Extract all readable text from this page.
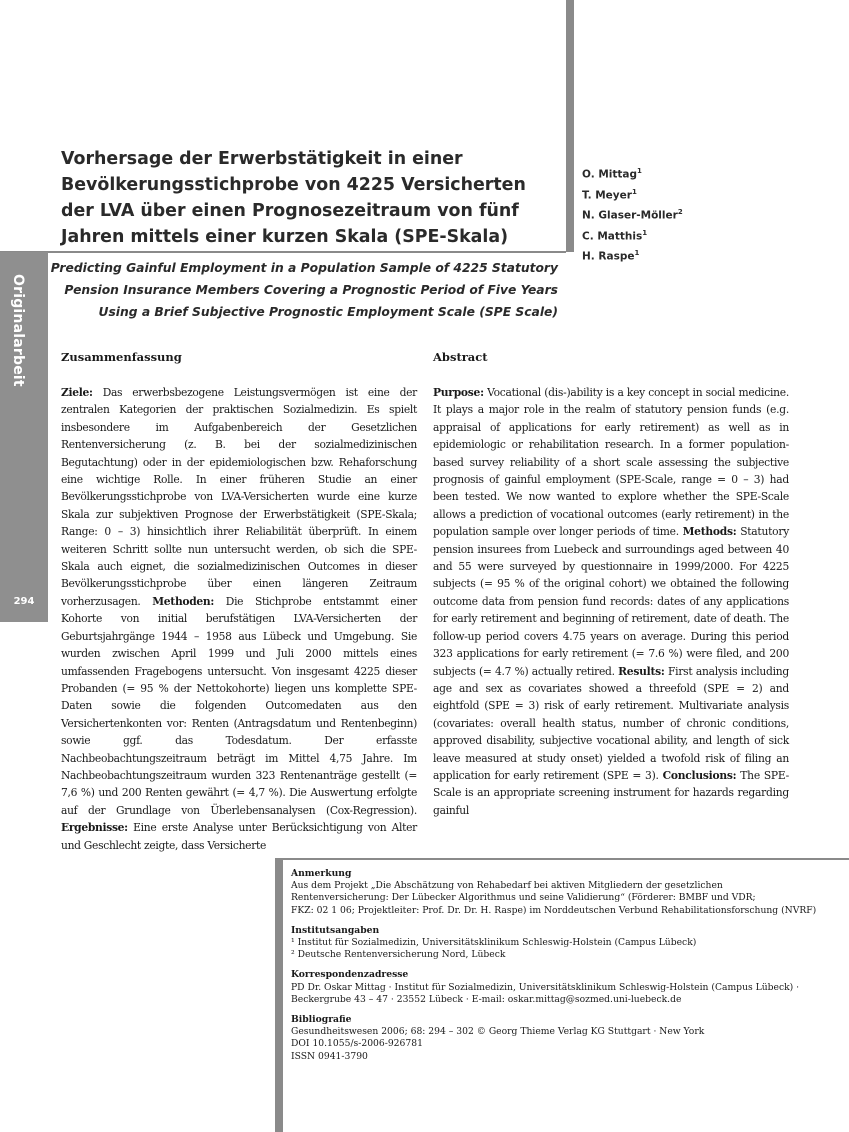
Originalarbeit
294
Vorhersage der Erwerbstätigkeit in einer Bevölkerungsstichprobe von 4225 Versicherten der LVA über einen Prognosezeitraum von fünf Jahren mittels einer kurzen Skala (SPE-Skala)
O. Mittag$^1$
T. Meyer$^1$
N. Glaser-Möller$^2$
C. Matthis$^1$
H. Raspe$^1$

Predicting Gainful Employment in a Population Sample of 4225 Statutory Pension Insurance Members Covering a Prognostic Period of Five Years Using a Brief Subjective Prognostic Employment Scale (SPE Scale)

Zusammenfassung

Ziele: Das erwerbsbezogene Leistungsvermögen ist eine der zentralen Kategorien der praktischen Sozialmedizin. Es spielt insbesondere im Aufgabenbereich der Gesetzlichen Rentenversicherung (z. B. bei der sozialmedizinischen Begutachtung) oder in der epidemiologischen bzw. Rehaforschung eine wichtige Rolle. In einer früheren Studie an einer Bevölkerungsstichprobe von LVA-Versicherten wurde eine kurze Skala zur subjektiven Prognose der Erwerbstätigkeit (SPE-Skala; Range: 0 – 3) hinsichtlich ihrer Reliabilität überprüft. In einem weiteren Schritt sollte nun untersucht werden, ob sich die SPE-Skala auch eignet, die sozialmedizinischen Outcomes in dieser Bevölkerungsstichprobe über einen längeren Zeitraum vorherzusagen. Methoden: Die Stichprobe entstammt einer Kohorte von initial berufstätigen LVA-Versicherten der Geburtsjahrgänge 1944 – 1958 aus Lübeck und Umgebung. Sie wurden zwischen April 1999 und Juli 2000 mittels eines umfassenden Fragebogens untersucht. Von insgesamt 4225 dieser Probanden (= 95 % der Nettokohorte) liegen uns komplette SPE-Daten sowie die folgenden Outcomedaten aus den Versichertenkonten vor: Renten (Antragsdatum und Rentenbeginn) sowie ggf. das Todesdatum. Der erfasste Nachbeobachtungszeitraum beträgt im Mittel 4,75 Jahre. Im Nachbeobachtungszeitraum wurden 323 Rentenanträge gestellt (= 7,6 %) und 200 Renten gewährt (= 4,7 %). Die Auswertung erfolgte auf der Grundlage von Überlebensanalysen (Cox-Regression). Ergebnisse: Eine erste Analyse unter Berücksichtigung von Alter und Geschlecht zeigte, dass Versicherte

Abstract

Purpose: Vocational (dis-)ability is a key concept in social medicine. It plays a major role in the realm of statutory pension funds (e.g. appraisal of applications for early retirement) as well as in epidemiologic or rehabilitation research. In a former population-based survey reliability of a short scale assessing the subjective prognosis of gainful employment (SPE-Scale, range = 0 – 3) had been tested. We now wanted to explore whether the SPE-Scale allows a prediction of vocational outcomes (early retirement) in the population sample over longer periods of time. Methods: Statutory pension insurees from Luebeck and surroundings aged between 40 and 55 were surveyed by questionnaire in 1999/2000. For 4225 subjects (= 95 % of the original cohort) we obtained the following outcome data from pension fund records: dates of any applications for early retirement and beginning of retirement, date of death. The follow-up period covers 4.75 years on average. During this period 323 applications for early retirement (= 7.6 %) were filed, and 200 subjects (= 4.7 %) actually retired. Results: First analysis including age and sex as covariates showed a threefold (SPE = 2) and eightfold (SPE = 3) risk of early retirement. Multivariate analysis (covariates: overall health status, number of chronic conditions, approved disability, subjective vocational ability, and length of sick leave measured at study onset) yielded a twofold risk of filing an application for early retirement (SPE = 3). Conclusions: The SPE-Scale is an appropriate screening instrument for hazards regarding gainful

Anmerkung
Aus dem Projekt „Die Abschätzung von Rehabedarf bei aktiven Mitgliedern der gesetzlichen
Rentenversicherung: Der Lübecker Algorithmus und seine Validierung“ (Förderer: BMBF und VDR;
FKZ: 02 1 06; Projektleiter: Prof. Dr. Dr. H. Raspe) im Norddeutschen Verbund Rehabilitationsforschung (NVRF)
Institutsangaben
¹ Institut für Sozialmedizin, Universitätsklinikum Schleswig-Holstein (Campus Lübeck)
² Deutsche Rentenversicherung Nord, Lübeck
Korrespondenzadresse
PD Dr. Oskar Mittag · Institut für Sozialmedizin, Universitätsklinikum Schleswig-Holstein (Campus Lübeck) ·
Beckergrube 43 – 47 · 23552 Lübeck · E-mail: oskar.mittag@sozmed.uni-luebeck.de
Bibliografie
Gesundheitswesen 2006; 68: 294 – 302 © Georg Thieme Verlag KG Stuttgart · New York
DOI 10.1055/s-2006-926781
ISSN 0941-3790
